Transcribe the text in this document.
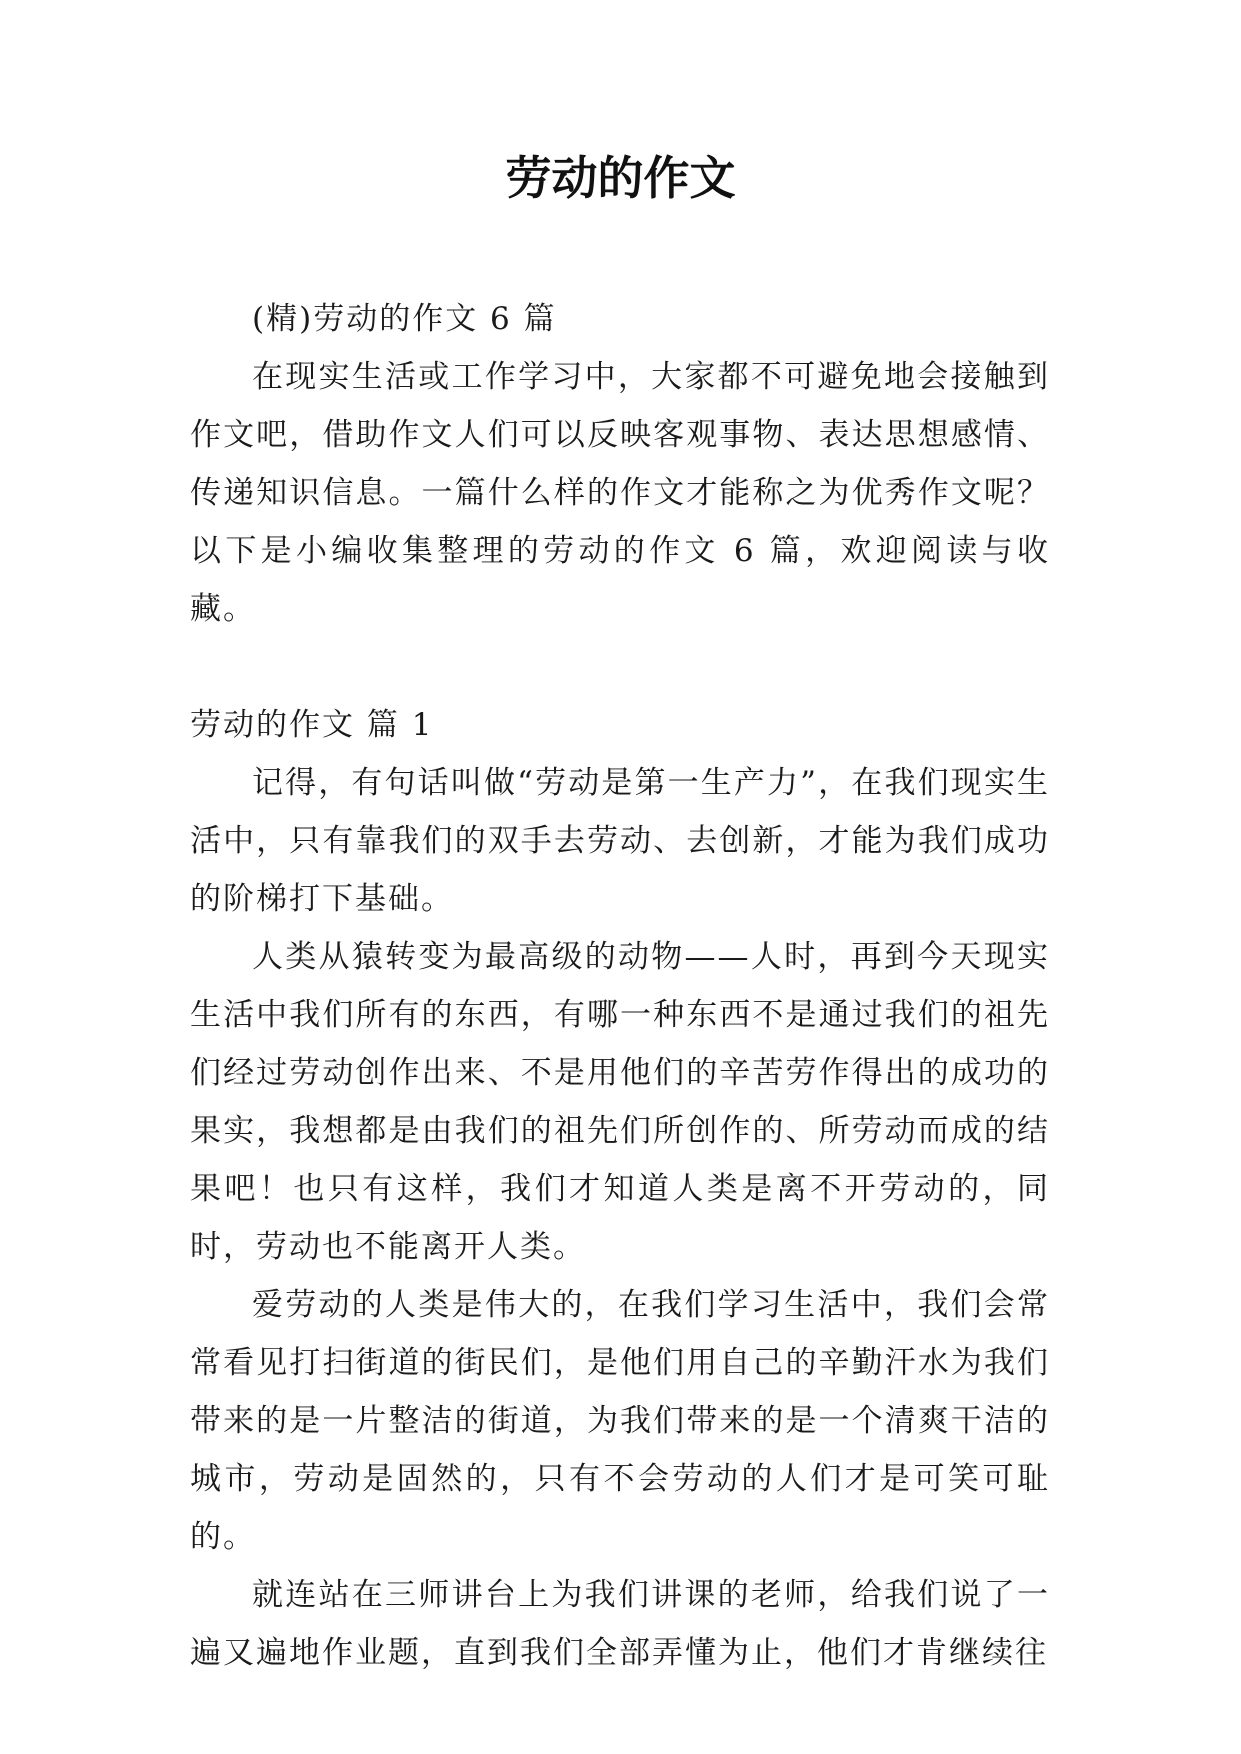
劳动的作文

(精)劳动的作文 6 篇

在现实生活或工作学习中，大家都不可避免地会接触到作文吧，借助作文人们可以反映客观事物、表达思想感情、传递知识信息。一篇什么样的作文才能称之为优秀作文呢？以下是小编收集整理的劳动的作文 6 篇，欢迎阅读与收藏。

劳动的作文 篇 1

记得，有句话叫做“劳动是第一生产力”，在我们现实生活中，只有靠我们的双手去劳动、去创新，才能为我们成功的阶梯打下基础。

人类从猿转变为最高级的动物——人时，再到今天现实生活中我们所有的东西，有哪一种东西不是通过我们的祖先们经过劳动创作出来、不是用他们的辛苦劳作得出的成功的果实，我想都是由我们的祖先们所创作的、所劳动而成的结果吧！也只有这样，我们才知道人类是离不开劳动的，同时，劳动也不能离开人类。

爱劳动的人类是伟大的，在我们学习生活中，我们会常常看见打扫街道的街民们，是他们用自己的辛勤汗水为我们带来的是一片整洁的街道，为我们带来的是一个清爽干洁的城市，劳动是固然的，只有不会劳动的人们才是可笑可耻的。

就连站在三师讲台上为我们讲课的老师，给我们说了一遍又遍地作业题，直到我们全部弄懂为止，他们才肯继续往
